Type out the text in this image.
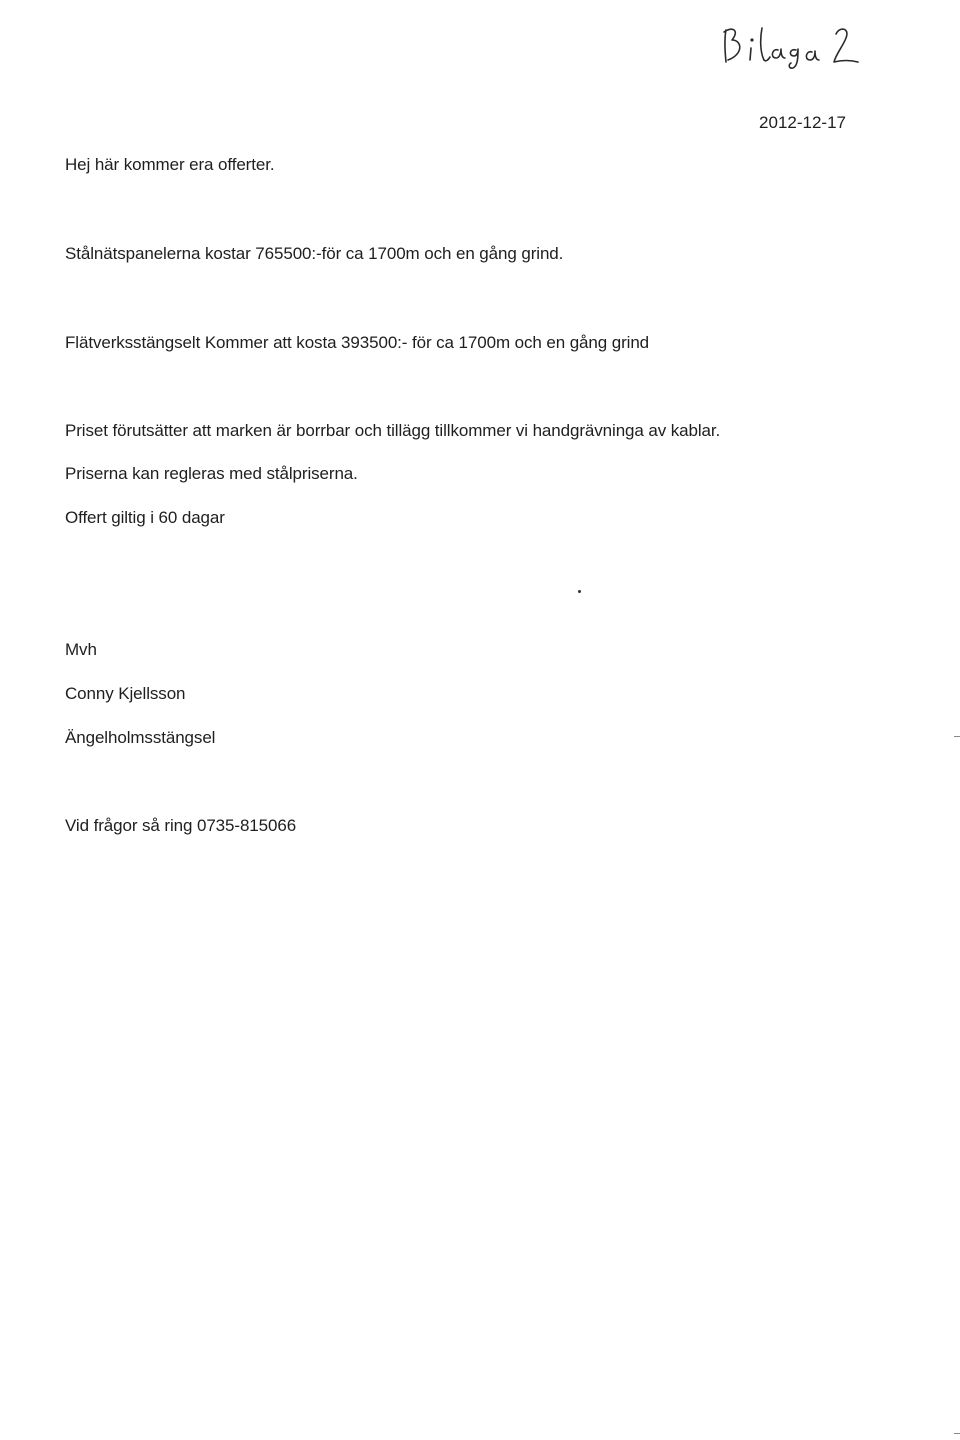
2012-12-17
Hej här kommer era offerter.
Stålnätspanelerna kostar 765500:-för ca 1700m och en gång grind.
Flätverksstängselt Kommer att kosta 393500:- för ca 1700m och en gång grind
Priset förutsätter att marken är borrbar och tillägg tillkommer vi handgrävninga av kablar.
Priserna kan regleras med stålpriserna.
Offert giltig i 60 dagar
Mvh
Conny Kjellsson
Ängelholmsstängsel
Vid frågor så ring 0735-815066
